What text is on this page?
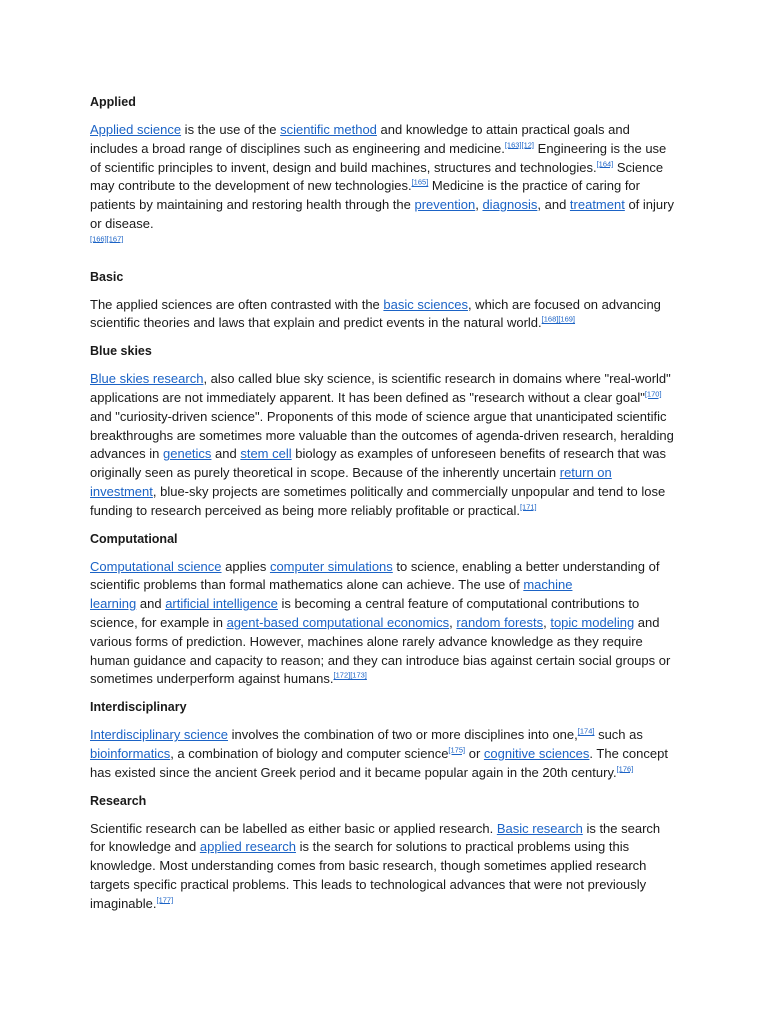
Applied

Applied science is the use of the scientific method and knowledge to attain practical goals and includes a broad range of disciplines such as engineering and medicine.[163][12] Engineering is the use of scientific principles to invent, design and build machines, structures and technologies.[164] Science may contribute to the development of new technologies.[165] Medicine is the practice of caring for patients by maintaining and restoring health through the prevention, diagnosis, and treatment of injury or disease.
[166][167]

Basic

The applied sciences are often contrasted with the basic sciences, which are focused on advancing scientific theories and laws that explain and predict events in the natural world.[168][169]

Blue skies

Blue skies research, also called blue sky science, is scientific research in domains where "real-world" applications are not immediately apparent. It has been defined as "research without a clear goal"[170] and "curiosity-driven science". Proponents of this mode of science argue that unanticipated scientific breakthroughs are sometimes more valuable than the outcomes of agenda-driven research, heralding advances in genetics and stem cell biology as examples of unforeseen benefits of research that was originally seen as purely theoretical in scope. Because of the inherently uncertain return on investment, blue-sky projects are sometimes politically and commercially unpopular and tend to lose funding to research perceived as being more reliably profitable or practical.[171]

Computational

Computational science applies computer simulations to science, enabling a better understanding of scientific problems than formal mathematics alone can achieve. The use of machine
learning and artificial intelligence is becoming a central feature of computational contributions to science, for example in agent-based computational economics, random forests, topic modeling and various forms of prediction. However, machines alone rarely advance knowledge as they require human guidance and capacity to reason; and they can introduce bias against certain social groups or sometimes underperform against humans.[172][173]

Interdisciplinary

Interdisciplinary science involves the combination of two or more disciplines into one,[174] such as bioinformatics, a combination of biology and computer science[175] or cognitive sciences. The concept has existed since the ancient Greek period and it became popular again in the 20th century.[176]

Research

Scientific research can be labelled as either basic or applied research. Basic research is the search for knowledge and applied research is the search for solutions to practical problems using this knowledge. Most understanding comes from basic research, though sometimes applied research targets specific practical problems. This leads to technological advances that were not previously imaginable.[177]
